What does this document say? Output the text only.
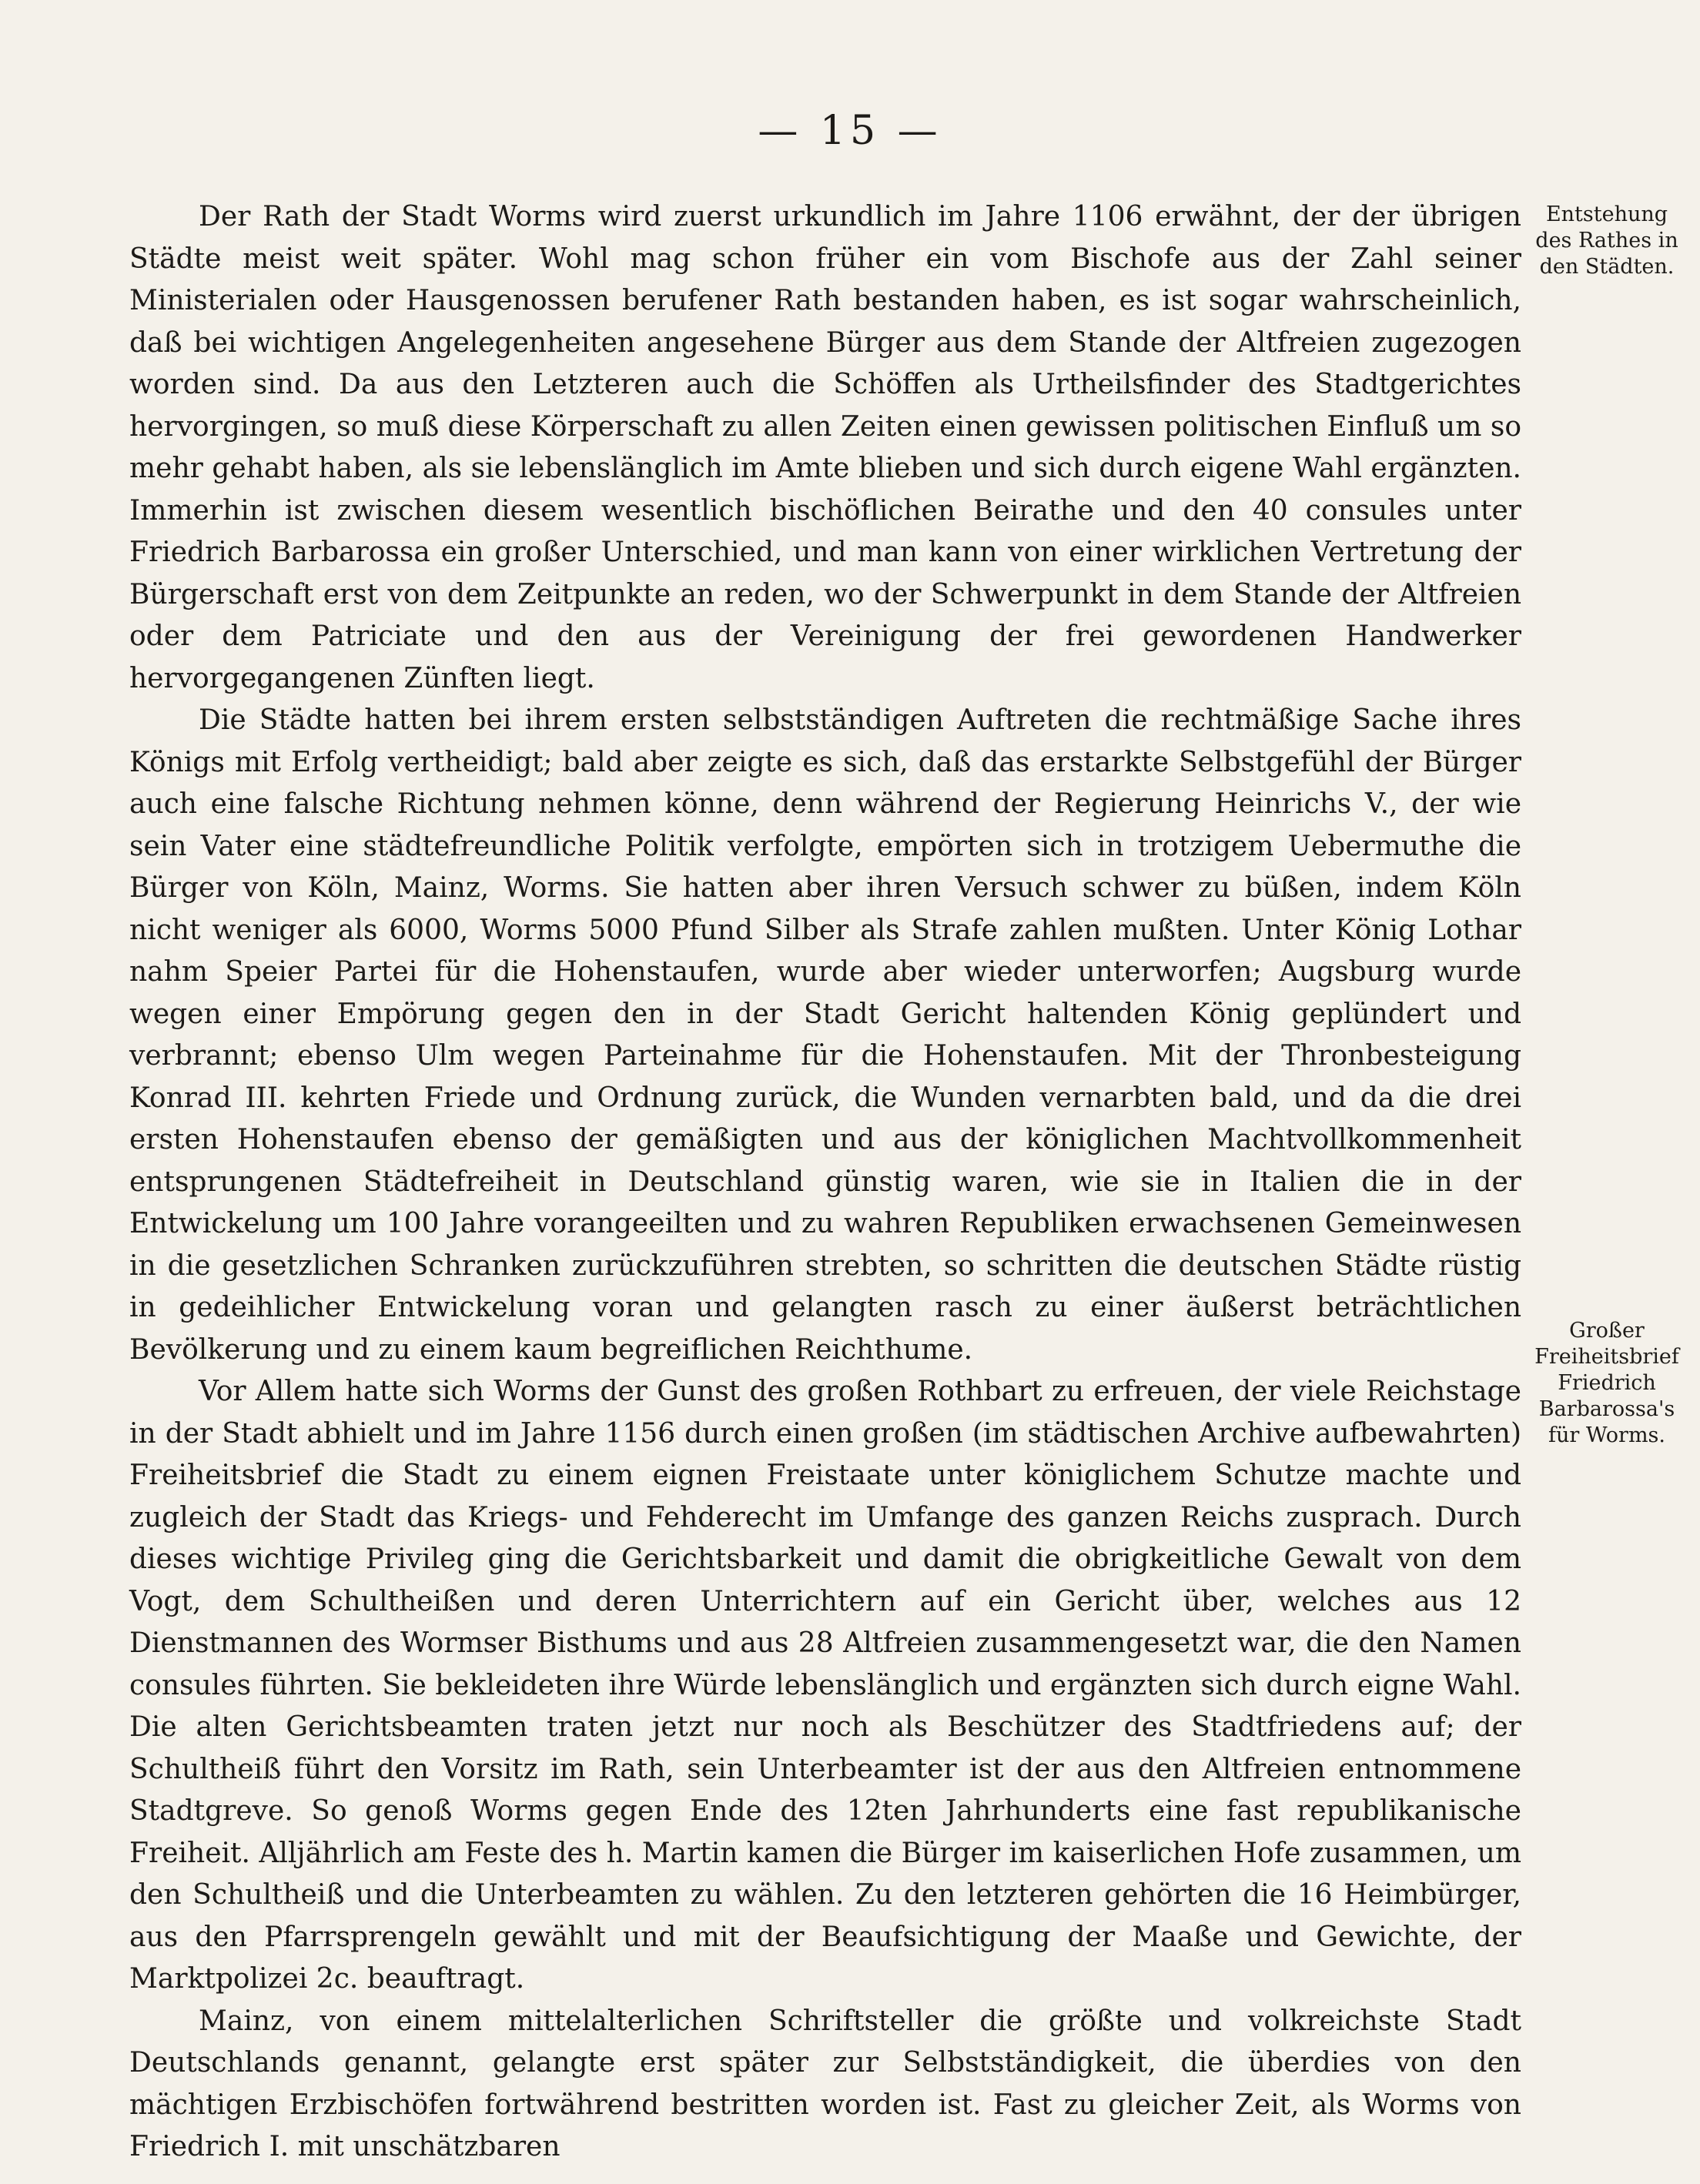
— 15 —

Der Rath der Stadt Worms wird zuerst urkundlich im Jahre 1106 erwähnt, der der übrigen Städte meist weit später. Wohl mag schon früher ein vom Bischofe aus der Zahl seiner Ministerialen oder Hausgenossen berufener Rath bestanden haben, es ist sogar wahrscheinlich, daß bei wichtigen Angelegenheiten angesehene Bürger aus dem Stande der Altfreien zugezogen worden sind. Da aus den Letzteren auch die Schöffen als Urtheilsfinder des Stadtgerichtes hervorgingen, so muß diese Körperschaft zu allen Zeiten einen gewissen politischen Einfluß um so mehr gehabt haben, als sie lebenslänglich im Amte blieben und sich durch eigene Wahl ergänzten. Immerhin ist zwischen diesem wesentlich bischöflichen Beirathe und den 40 consules unter Friedrich Barbarossa ein großer Unterschied, und man kann von einer wirklichen Vertretung der Bürgerschaft erst von dem Zeitpunkte an reden, wo der Schwerpunkt in dem Stande der Altfreien oder dem Patriciate und den aus der Vereinigung der frei gewordenen Handwerker hervorgegangenen Zünften liegt.

Die Städte hatten bei ihrem ersten selbstständigen Auftreten die rechtmäßige Sache ihres Königs mit Erfolg vertheidigt; bald aber zeigte es sich, daß das erstarkte Selbstgefühl der Bürger auch eine falsche Richtung nehmen könne, denn während der Regierung Heinrichs V., der wie sein Vater eine städtefreundliche Politik verfolgte, empörten sich in trotzigem Uebermuthe die Bürger von Köln, Mainz, Worms. Sie hatten aber ihren Versuch schwer zu büßen, indem Köln nicht weniger als 6000, Worms 5000 Pfund Silber als Strafe zahlen mußten. Unter König Lothar nahm Speier Partei für die Hohenstaufen, wurde aber wieder unterworfen; Augsburg wurde wegen einer Empörung gegen den in der Stadt Gericht haltenden König geplündert und verbrannt; ebenso Ulm wegen Parteinahme für die Hohenstaufen. Mit der Thronbesteigung Konrad III. kehrten Friede und Ordnung zurück, die Wunden vernarbten bald, und da die drei ersten Hohenstaufen ebenso der gemäßigten und aus der königlichen Machtvollkommenheit entsprungenen Städtefreiheit in Deutschland günstig waren, wie sie in Italien die in der Entwickelung um 100 Jahre vorangeeilten und zu wahren Republiken erwachsenen Gemeinwesen in die gesetzlichen Schranken zurückzuführen strebten, so schritten die deutschen Städte rüstig in gedeihlicher Entwickelung voran und gelangten rasch zu einer äußerst beträchtlichen Bevölkerung und zu einem kaum begreiflichen Reichthume.

Vor Allem hatte sich Worms der Gunst des großen Rothbart zu erfreuen, der viele Reichstage in der Stadt abhielt und im Jahre 1156 durch einen großen (im städtischen Archive aufbewahrten) Freiheitsbrief die Stadt zu einem eignen Freistaate unter königlichem Schutze machte und zugleich der Stadt das Kriegs- und Fehderecht im Umfange des ganzen Reichs zusprach. Durch dieses wichtige Privileg ging die Gerichtsbarkeit und damit die obrigkeitliche Gewalt von dem Vogt, dem Schultheißen und deren Unterrichtern auf ein Gericht über, welches aus 12 Dienstmannen des Wormser Bisthums und aus 28 Altfreien zusammengesetzt war, die den Namen consules führten. Sie bekleideten ihre Würde lebenslänglich und ergänzten sich durch eigne Wahl. Die alten Gerichtsbeamten traten jetzt nur noch als Beschützer des Stadtfriedens auf; der Schultheiß führt den Vorsitz im Rath, sein Unterbeamter ist der aus den Altfreien entnommene Stadtgreve. So genoß Worms gegen Ende des 12ten Jahrhunderts eine fast republikanische Freiheit. Alljährlich am Feste des h. Martin kamen die Bürger im kaiserlichen Hofe zusammen, um den Schultheiß und die Unterbeamten zu wählen. Zu den letzteren gehörten die 16 Heimbürger, aus den Pfarrsprengeln gewählt und mit der Beaufsichtigung der Maaße und Gewichte, der Marktpolizei 2c. beauftragt.

Mainz, von einem mittelalterlichen Schriftsteller die größte und volkreichste Stadt Deutschlands genannt, gelangte erst später zur Selbstständigkeit, die überdies von den mächtigen Erzbischöfen fortwährend bestritten worden ist. Fast zu gleicher Zeit, als Worms von Friedrich I. mit unschätzbaren

Entstehung des Rathes in den Städten.
Großer Freiheitsbrief Friedrich Barbarossa's für Worms.
